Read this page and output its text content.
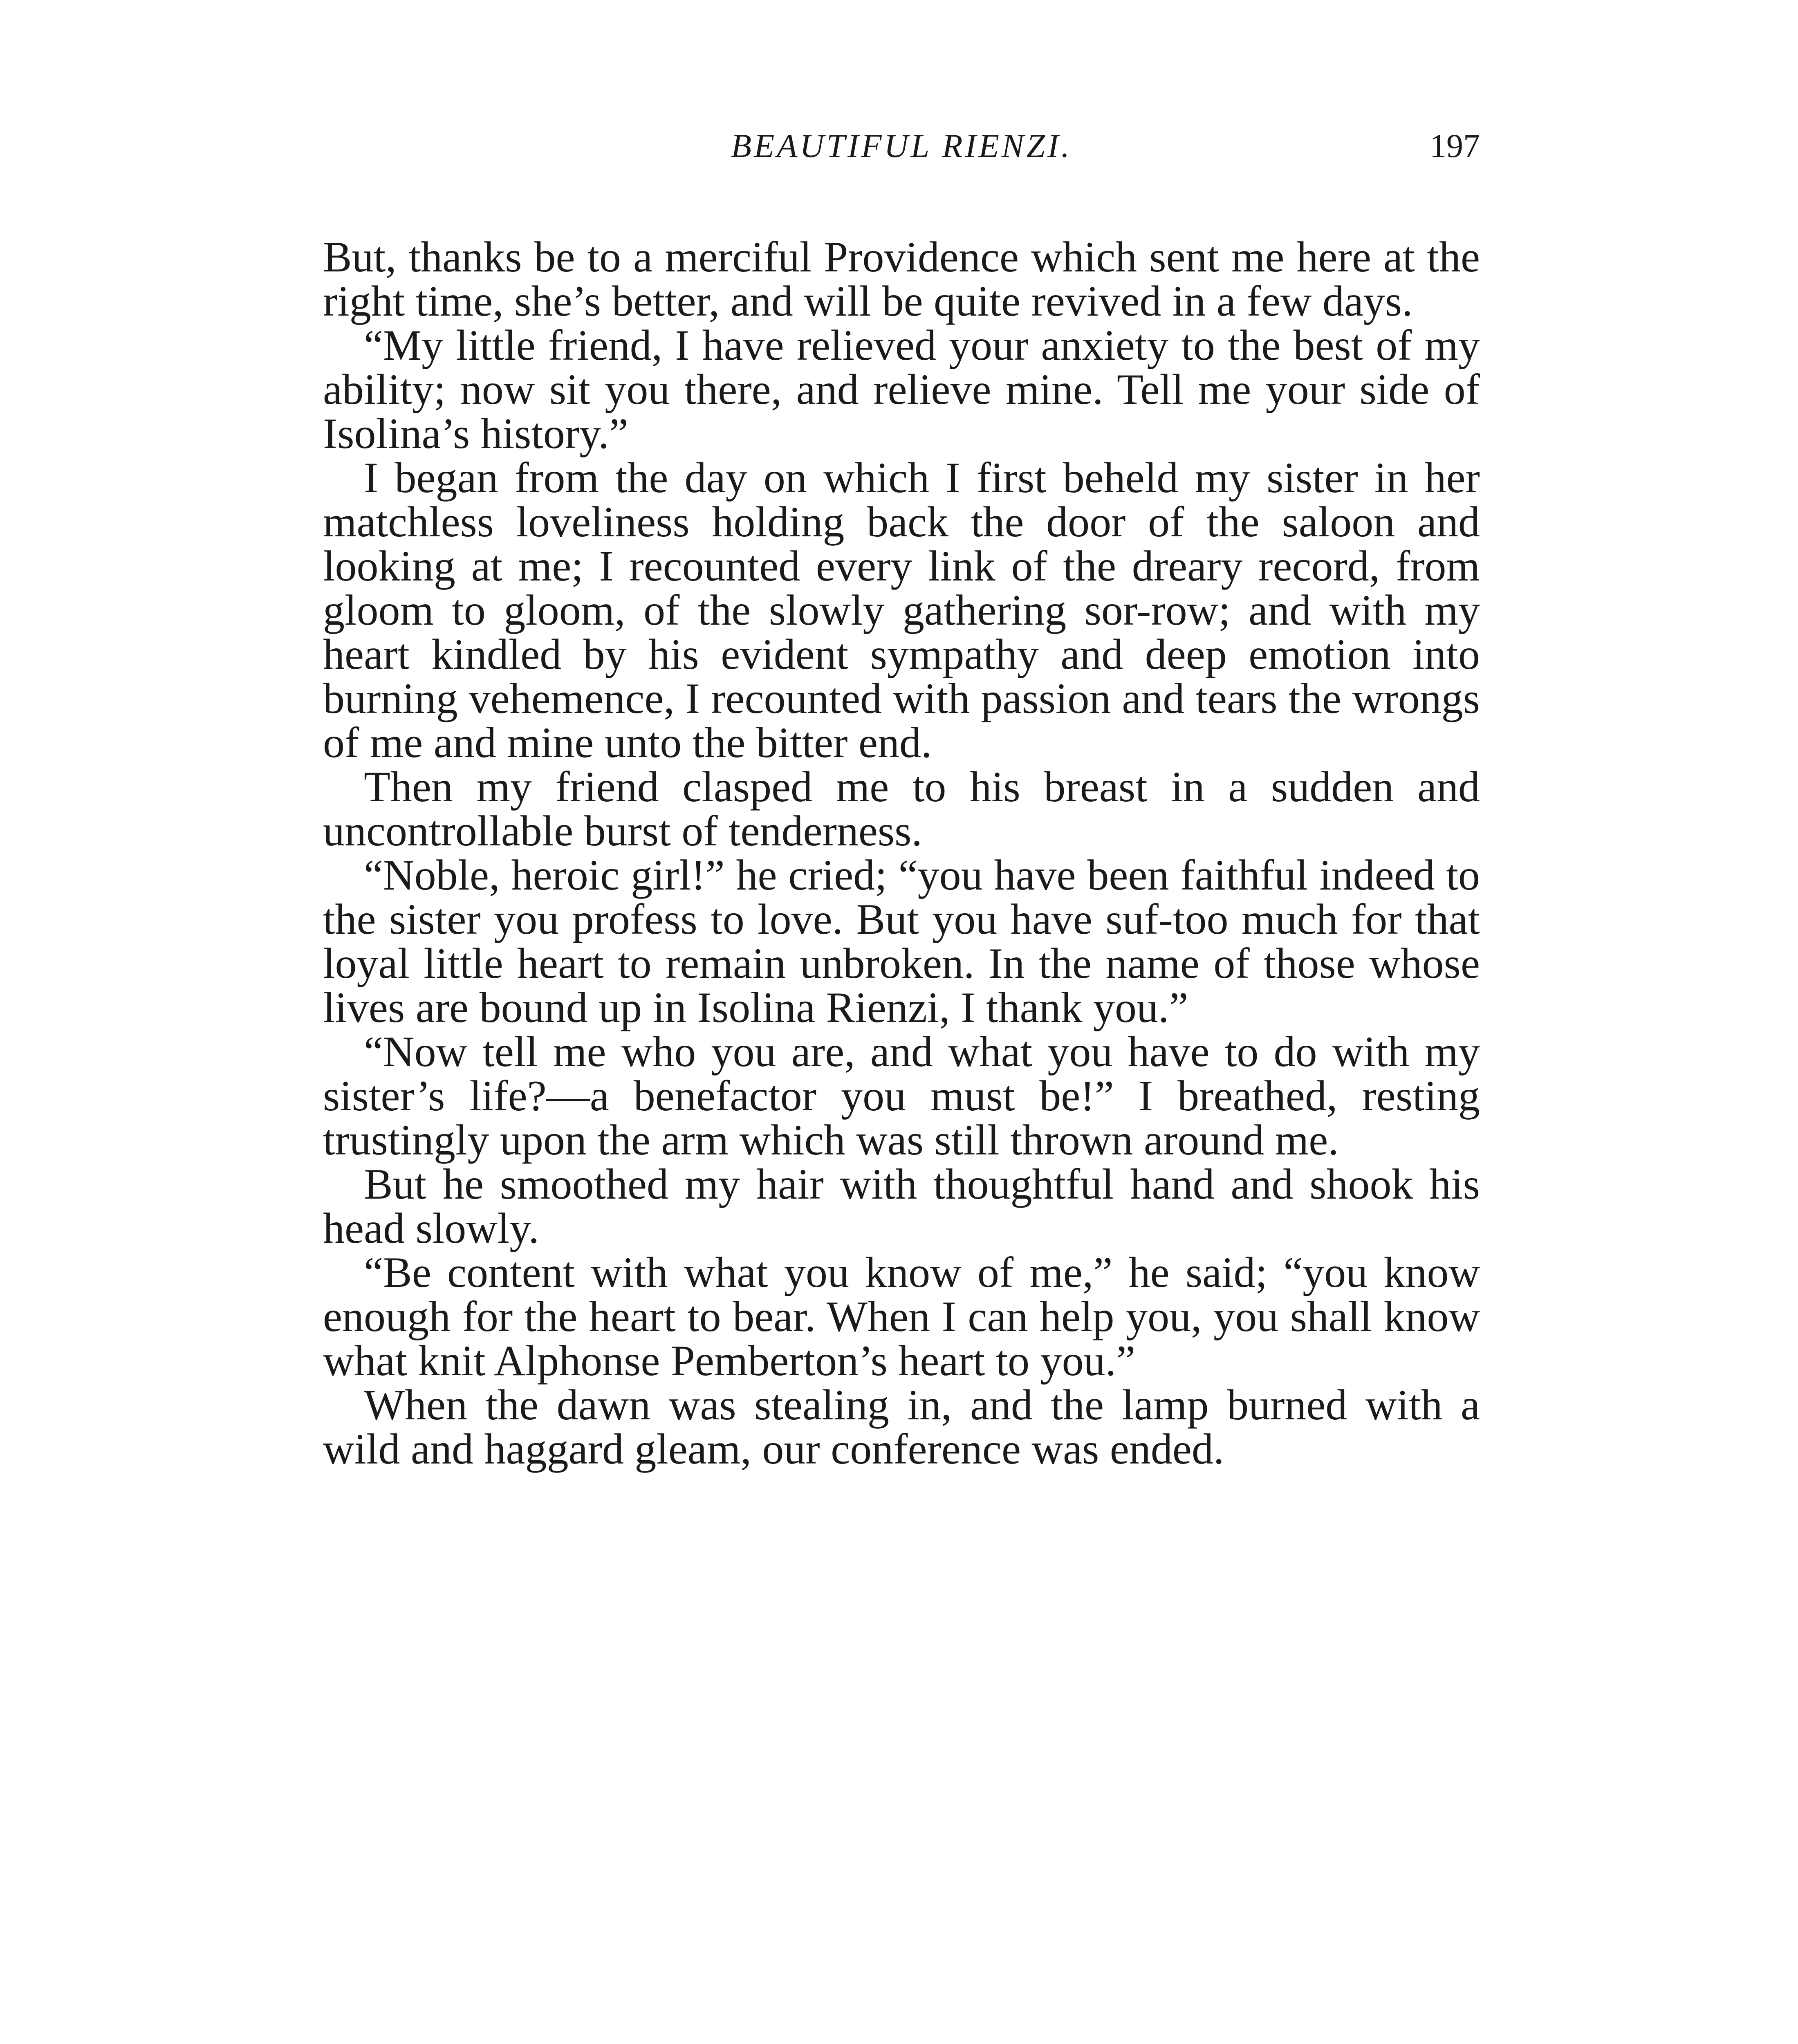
BEAUTIFUL RIENZI.	197

But, thanks be to a merciful Providence which sent me here at the right time, she’s better, and will be quite revived in a few days.

“My little friend, I have relieved your anxiety to the best of my ability; now sit you there, and relieve mine. Tell me your side of Isolina’s history.”

I began from the day on which I first beheld my sister in her matchless loveliness holding back the door of the saloon and looking at me; I recounted every link of the dreary record, from gloom to gloom, of the slowly gathering sor-row; and with my heart kindled by his evident sympathy and deep emotion into burning vehemence, I recounted with passion and tears the wrongs of me and mine unto the bitter end.

Then my friend clasped me to his breast in a sudden and uncontrollable burst of tenderness.

“Noble, heroic girl!” he cried; “you have been faithful indeed to the sister you profess to love. But you have suf-too much for that loyal little heart to remain unbroken. In the name of those whose lives are bound up in Isolina Rienzi, I thank you.”

“Now tell me who you are, and what you have to do with my sister’s life?—a benefactor you must be!” I breathed, resting trustingly upon the arm which was still thrown around me.

But he smoothed my hair with thoughtful hand and shook his head slowly.

“Be content with what you know of me,” he said; “you know enough for the heart to bear. When I can help you, you shall know what knit Alphonse Pemberton’s heart to you.”

When the dawn was stealing in, and the lamp burned with a wild and haggard gleam, our conference was ended.
